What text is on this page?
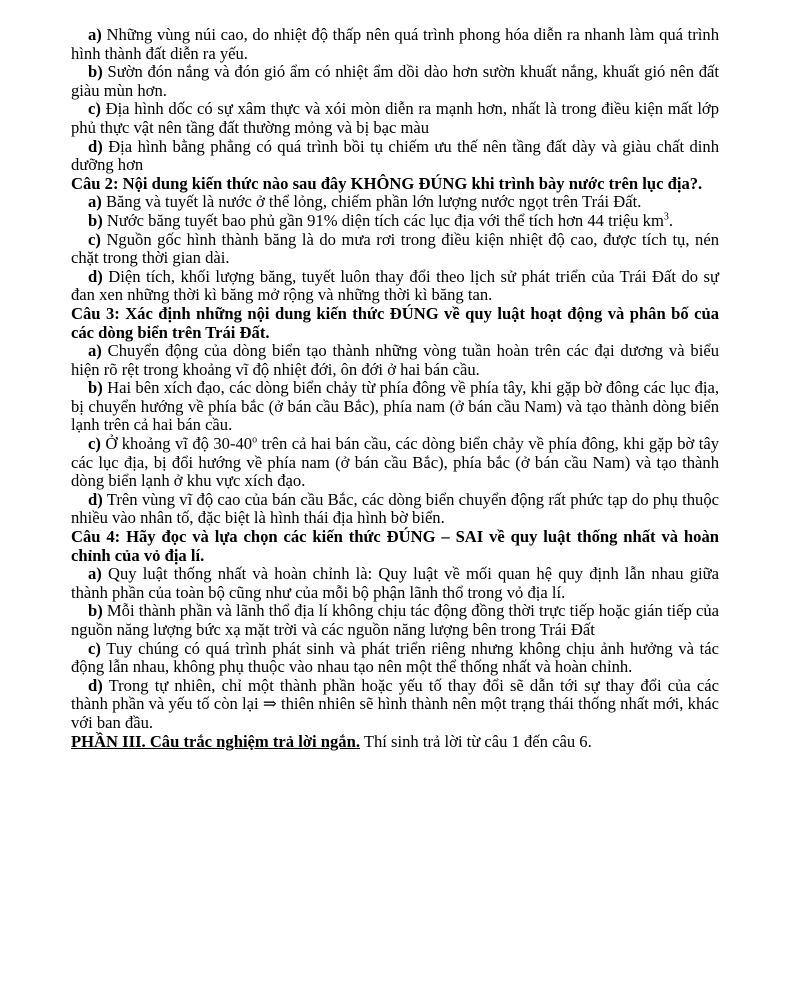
a) Những vùng núi cao, do nhiệt độ thấp nên quá trình phong hóa diễn ra nhanh làm quá trình hình thành đất diễn ra yếu.

b) Sườn đón nắng và đón gió ẩm có nhiệt ẩm dồi dào hơn sườn khuất nắng, khuất gió nên đất giàu mùn hơn.

c) Địa hình dốc có sự xâm thực và xói mòn diễn ra mạnh hơn, nhất là trong điều kiện mất lớp phủ thực vật nên tầng đất thường mỏng và bị bạc màu

d) Địa hình bằng phẳng có quá trình bồi tụ chiếm ưu thế nên tầng đất dày và giàu chất dinh dưỡng hơn

Câu 2: Nội dung kiến thức nào sau đây KHÔNG ĐÚNG khi trình bày nước trên lục địa?.

a) Băng và tuyết là nước ở thể lỏng, chiếm phần lớn lượng nước ngọt trên Trái Đất.

b) Nước băng tuyết bao phủ gần 91% diện tích các lục địa với thể tích hơn 44 triệu $km^3$.

c) Nguồn gốc hình thành băng là do mưa rơi trong điều kiện nhiệt độ cao, được tích tụ, nén chặt trong thời gian dài.

d) Diện tích, khối lượng băng, tuyết luôn thay đổi theo lịch sử phát triển của Trái Đất do sự đan xen những thời kì băng mở rộng và những thời kì băng tan.

Câu 3: Xác định những nội dung kiến thức ĐÚNG về quy luật hoạt động và phân bố của các dòng biển trên Trái Đất.

a) Chuyển động của dòng biển tạo thành những vòng tuần hoàn trên các đại dương và biểu hiện rõ rệt trong khoảng vĩ độ nhiệt đới, ôn đới ở hai bán cầu.

b) Hai bên xích đạo, các dòng biển chảy từ phía đông về phía tây, khi gặp bờ đông các lục địa, bị chuyển hướng về phía bắc (ở bán cầu Bắc), phía nam (ở bán cầu Nam) và tạo thành dòng biển lạnh trên cả hai bán cầu.

c) Ở khoảng vĩ độ 30-40$^o$ trên cả hai bán cầu, các dòng biển chảy về phía đông, khi gặp bờ tây các lục địa, bị đổi hướng về phía nam (ở bán cầu Bắc), phía bắc (ở bán cầu Nam) và tạo thành dòng biển lạnh ở khu vực xích đạo.

d) Trên vùng vĩ độ cao của bán cầu Bắc, các dòng biển chuyển động rất phức tạp do phụ thuộc nhiều vào nhân tố, đặc biệt là hình thái địa hình bờ biển.

Câu 4: Hãy đọc và lựa chọn các kiến thức ĐÚNG – SAI về quy luật thống nhất và hoàn chỉnh của vỏ địa lí.

a) Quy luật thống nhất và hoàn chỉnh là: Quy luật về mối quan hệ quy định lẫn nhau giữa thành phần của toàn bộ cũng như của mỗi bộ phận lãnh thổ trong vỏ địa lí.

b) Mỗi thành phần và lãnh thổ địa lí không chịu tác động đồng thời trực tiếp hoặc gián tiếp của nguồn năng lượng bức xạ mặt trời và các nguồn năng lượng bên trong Trái Đất

c) Tuy chúng có quá trình phát sinh và phát triển riêng nhưng không chịu ảnh hưởng và tác động lẫn nhau, không phụ thuộc vào nhau tạo nên một thể thống nhất và hoàn chỉnh.

d) Trong tự nhiên, chỉ một thành phần hoặc yếu tố thay đổi sẽ dẫn tới sự thay đổi của các thành phần và yếu tố còn lại ⇒ thiên nhiên sẽ hình thành nên một trạng thái thống nhất mới, khác với ban đầu.

PHẦN III. Câu trắc nghiệm trả lời ngắn. Thí sinh trả lời từ câu 1 đến câu 6.
